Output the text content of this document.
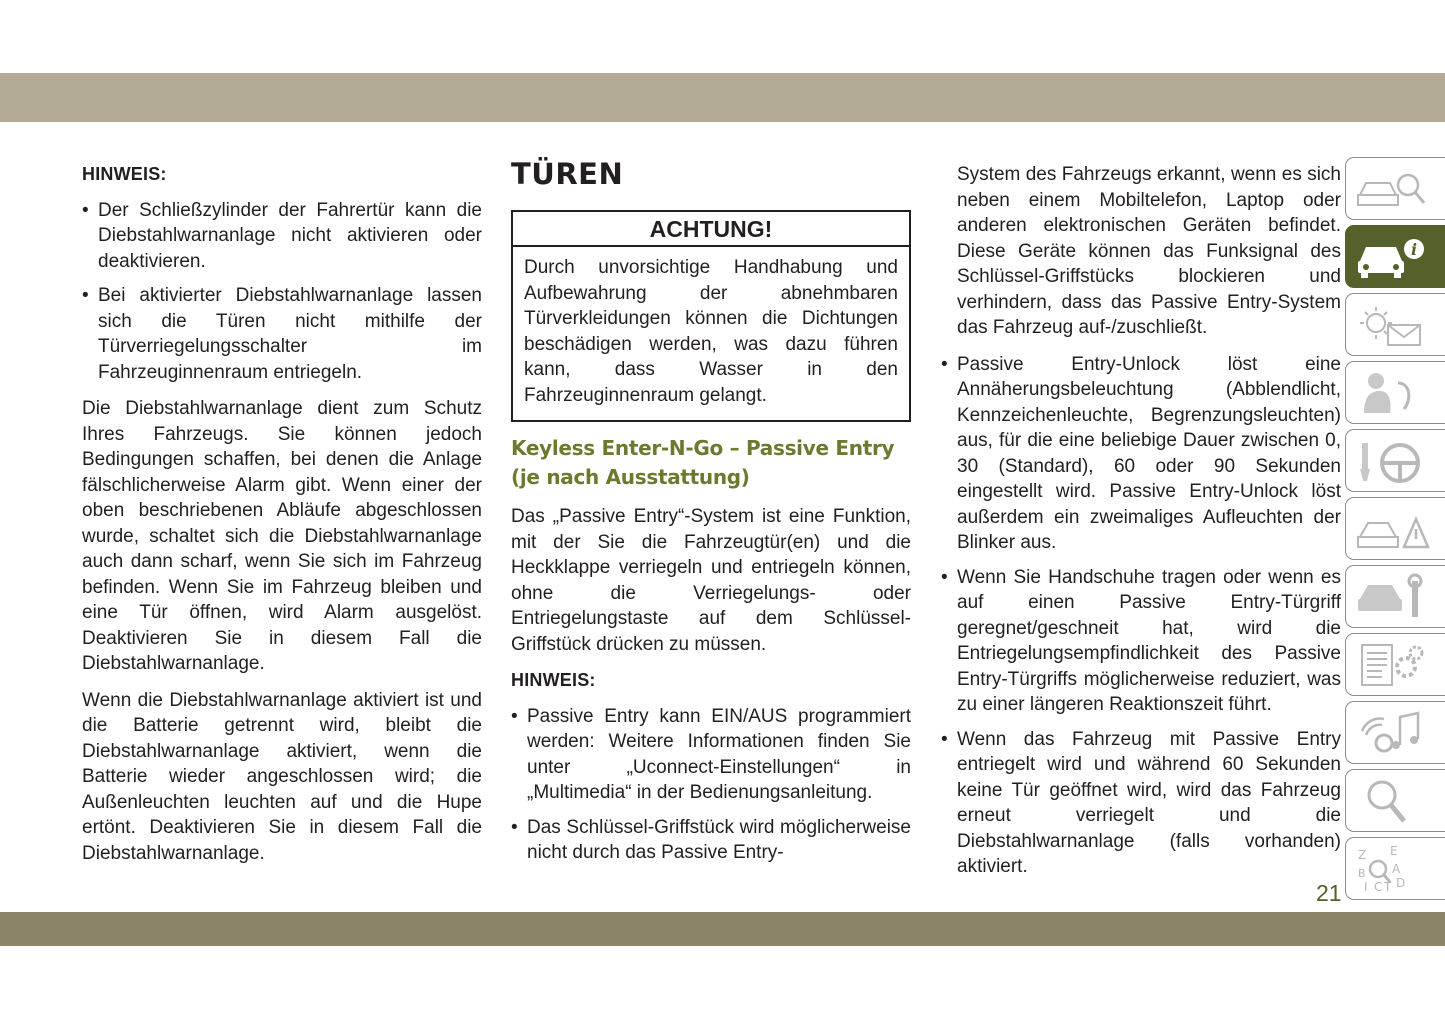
HINWEIS:
• Der Schließzylinder der Fahrertür kann die Diebstahlwarnanlage nicht aktivieren oder deaktivieren.
• Bei aktivierter Diebstahlwarnanlage lassen sich die Türen nicht mithilfe der Türverriegelungsschalter im Fahrzeuginnenraum entriegeln.

Die Diebstahlwarnanlage dient zum Schutz Ihres Fahrzeugs. Sie können jedoch Bedingungen schaffen, bei denen die Anlage fälschlicherweise Alarm gibt. Wenn einer der oben beschriebenen Abläufe abgeschlossen wurde, schaltet sich die Diebstahlwarnanlage auch dann scharf, wenn Sie sich im Fahrzeug befinden. Wenn Sie im Fahrzeug bleiben und eine Tür öffnen, wird Alarm ausgelöst. Deaktivieren Sie in diesem Fall die Diebstahlwarnanlage.

Wenn die Diebstahlwarnanlage aktiviert ist und die Batterie getrennt wird, bleibt die Diebstahlwarnanlage aktiviert, wenn die Batterie wieder angeschlossen wird; die Außenleuchten leuchten auf und die Hupe ertönt. Deaktivieren Sie in diesem Fall die Diebstahlwarnanlage.

TÜREN
ACHTUNG!
Durch unvorsichtige Handhabung und Aufbewahrung der abnehmbaren Türverkleidungen können die Dichtungen beschädigen werden, was dazu führen kann, dass Wasser in den Fahrzeuginnenraum gelangt.
Keyless Enter-N-Go – Passive Entry (je nach Ausstattung)

Das „Passive Entry“-System ist eine Funktion, mit der Sie die Fahrzeugtür(en) und die Heckklappe verriegeln und entriegeln können, ohne die Verriegelungs- oder Entriegelungstaste auf dem Schlüssel-Griffstück drücken zu müssen.

HINWEIS:
• Passive Entry kann EIN/AUS programmiert werden: Weitere Informationen finden Sie unter „Uconnect-Einstellungen“ in „Multimedia“ in der Bedienungsanleitung.
• Das Schlüssel-Griffstück wird möglicherweise nicht durch das Passive Entry-

System des Fahrzeugs erkannt, wenn es sich neben einem Mobiltelefon, Laptop oder anderen elektronischen Geräten befindet. Diese Geräte können das Funksignal des Schlüssel-Griffstücks blockieren und verhindern, dass das Passive Entry-System das Fahrzeug auf-/zuschließt.

• Passive Entry-Unlock löst eine Annäherungsbeleuchtung (Abblendlicht, Kennzeichenleuchte, Begrenzungsleuchten) aus, für die eine beliebige Dauer zwischen 0, 30 (Standard), 60 oder 90 Sekunden eingestellt wird. Passive Entry-Unlock löst außerdem ein zweimaliges Aufleuchten der Blinker aus.
• Wenn Sie Handschuhe tragen oder wenn es auf einen Passive Entry-Türgriff geregnet/geschneit hat, wird die Entriegelungsempfindlichkeit des Passive Entry-Türgriffs möglicherweise reduziert, was zu einer längeren Reaktionszeit führt.
• Wenn das Fahrzeug mit Passive Entry entriegelt wird und während 60 Sekunden keine Tür geöffnet wird, wird das Fahrzeug erneut verriegelt und die Diebstahlwarnanlage (falls vorhanden) aktiviert.
i
Z E
B A
I C T D
21
